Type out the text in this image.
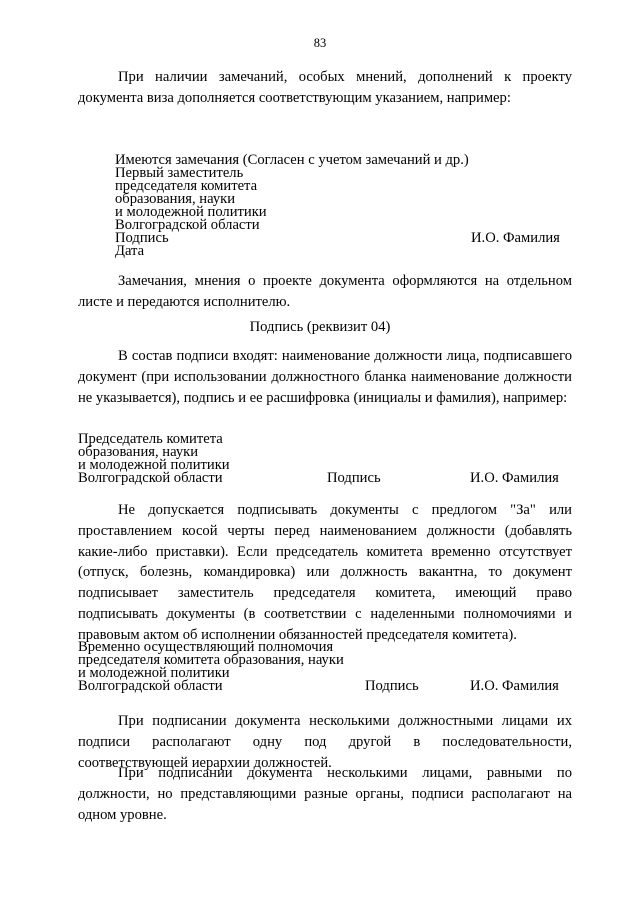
83

При наличии замечаний, особых мнений, дополнений к проекту документа виза дополняется соответствующим указанием, например:

Имеются замечания (Согласен с учетом замечаний и др.)
Первый заместитель
председателя комитета
образования, науки
и молодежной политики
Волгоградской области
Подпись	И.О. Фамилия
Дата

Замечания, мнения о проекте документа оформляются на отдельном листе и передаются исполнителю.

Подпись (реквизит 04)

В состав подписи входят: наименование должности лица, подписавшего документ (при использовании должностного бланка наименование должности не указывается), подпись и ее расшифровка (инициалы и фамилия), например:

Председатель комитета
образования, науки
и молодежной политики
Волгоградской области	Подпись	И.О. Фамилия

Не допускается подписывать документы с предлогом "За" или проставлением косой черты перед наименованием должности (добавлять какие-либо приставки). Если председатель комитета временно отсутствует (отпуск, болезнь, командировка) или должность вакантна, то документ подписывает заместитель председателя комитета, имеющий право подписывать документы (в соответствии с наделенными полномочиями и правовым актом об исполнении обязанностей председателя комитета).

Временно осуществляющий полномочия
председателя комитета образования, науки
и молодежной политики
Волгоградской области	Подпись	И.О. Фамилия

При подписании документа несколькими должностными лицами их подписи располагают одну под другой в последовательности, соответствующей иерархии должностей.

При подписании документа несколькими лицами, равными по должности, но представляющими разные органы, подписи располагают на одном уровне.
